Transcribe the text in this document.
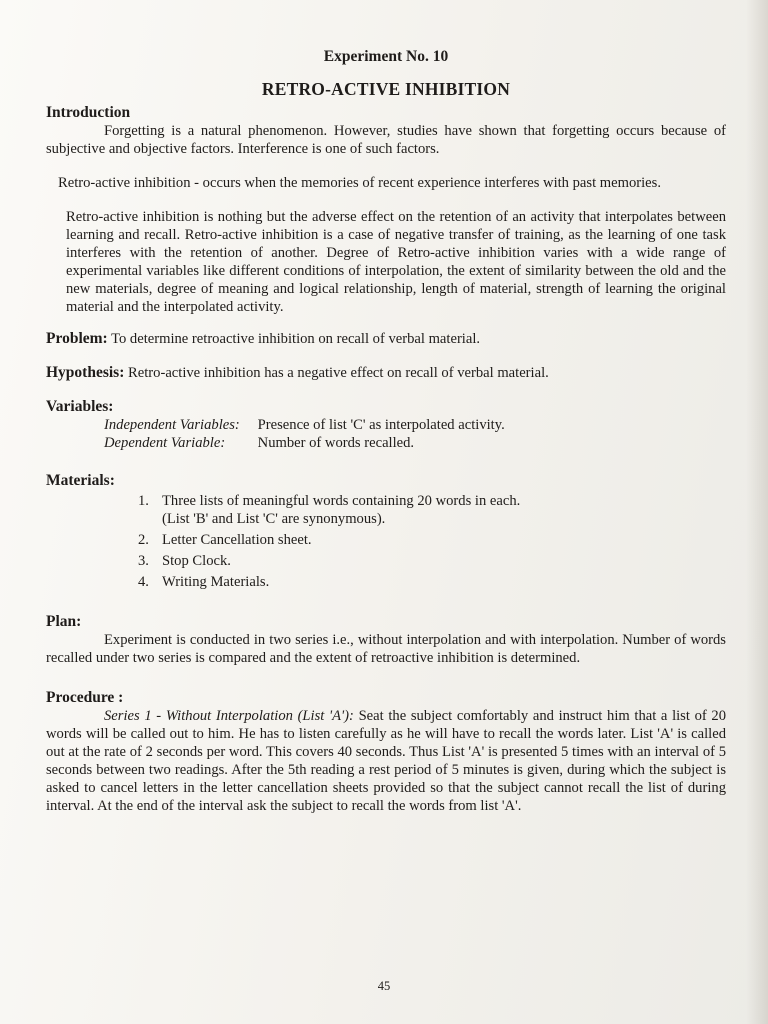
Experiment No. 10
RETRO-ACTIVE INHIBITION
Introduction

Forgetting is a natural phenomenon. However, studies have shown that forgetting occurs because of subjective and objective factors. Interference is one of such factors.

Retro-active inhibition - occurs when the memories of recent experience interferes with past memories.

Retro-active inhibition is nothing but the adverse effect on the retention of an activity that interpolates between learning and recall. Retro-active inhibition is a case of negative transfer of training, as the learning of one task interferes with the retention of another. Degree of Retro-active inhibition varies with a wide range of experimental variables like different conditions of interpolation, the extent of similarity between the old and the new materials, degree of meaning and logical relationship, length of material, strength of learning the original material and the interpolated activity.

Problem: To determine retroactive inhibition on recall of verbal material.

Hypothesis: Retro-active inhibition has a negative effect on recall of verbal material.

Variables:
Independent Variables: Presence of list 'C' as interpolated activity.
Dependent Variable: Number of words recalled.
Materials:
1. Three lists of meaningful words containing 20 words in each.
(List 'B' and List 'C' are synonymous).
2. Letter Cancellation sheet.
3. Stop Clock.
4. Writing Materials.
Plan:

Experiment is conducted in two series i.e., without interpolation and with interpolation. Number of words recalled under two series is compared and the extent of retroactive inhibition is determined.

Procedure :

Series 1 - Without Interpolation (List 'A'): Seat the subject comfortably and instruct him that a list of 20 words will be called out to him. He has to listen carefully as he will have to recall the words later. List 'A' is called out at the rate of 2 seconds per word. This covers 40 seconds. Thus List 'A' is presented 5 times with an interval of 5 seconds between two readings. After the 5th reading a rest period of 5 minutes is given, during which the subject is asked to cancel letters in the letter cancellation sheets provided so that the subject cannot recall the list of during interval. At the end of the interval ask the subject to recall the words from list 'A'.

45
